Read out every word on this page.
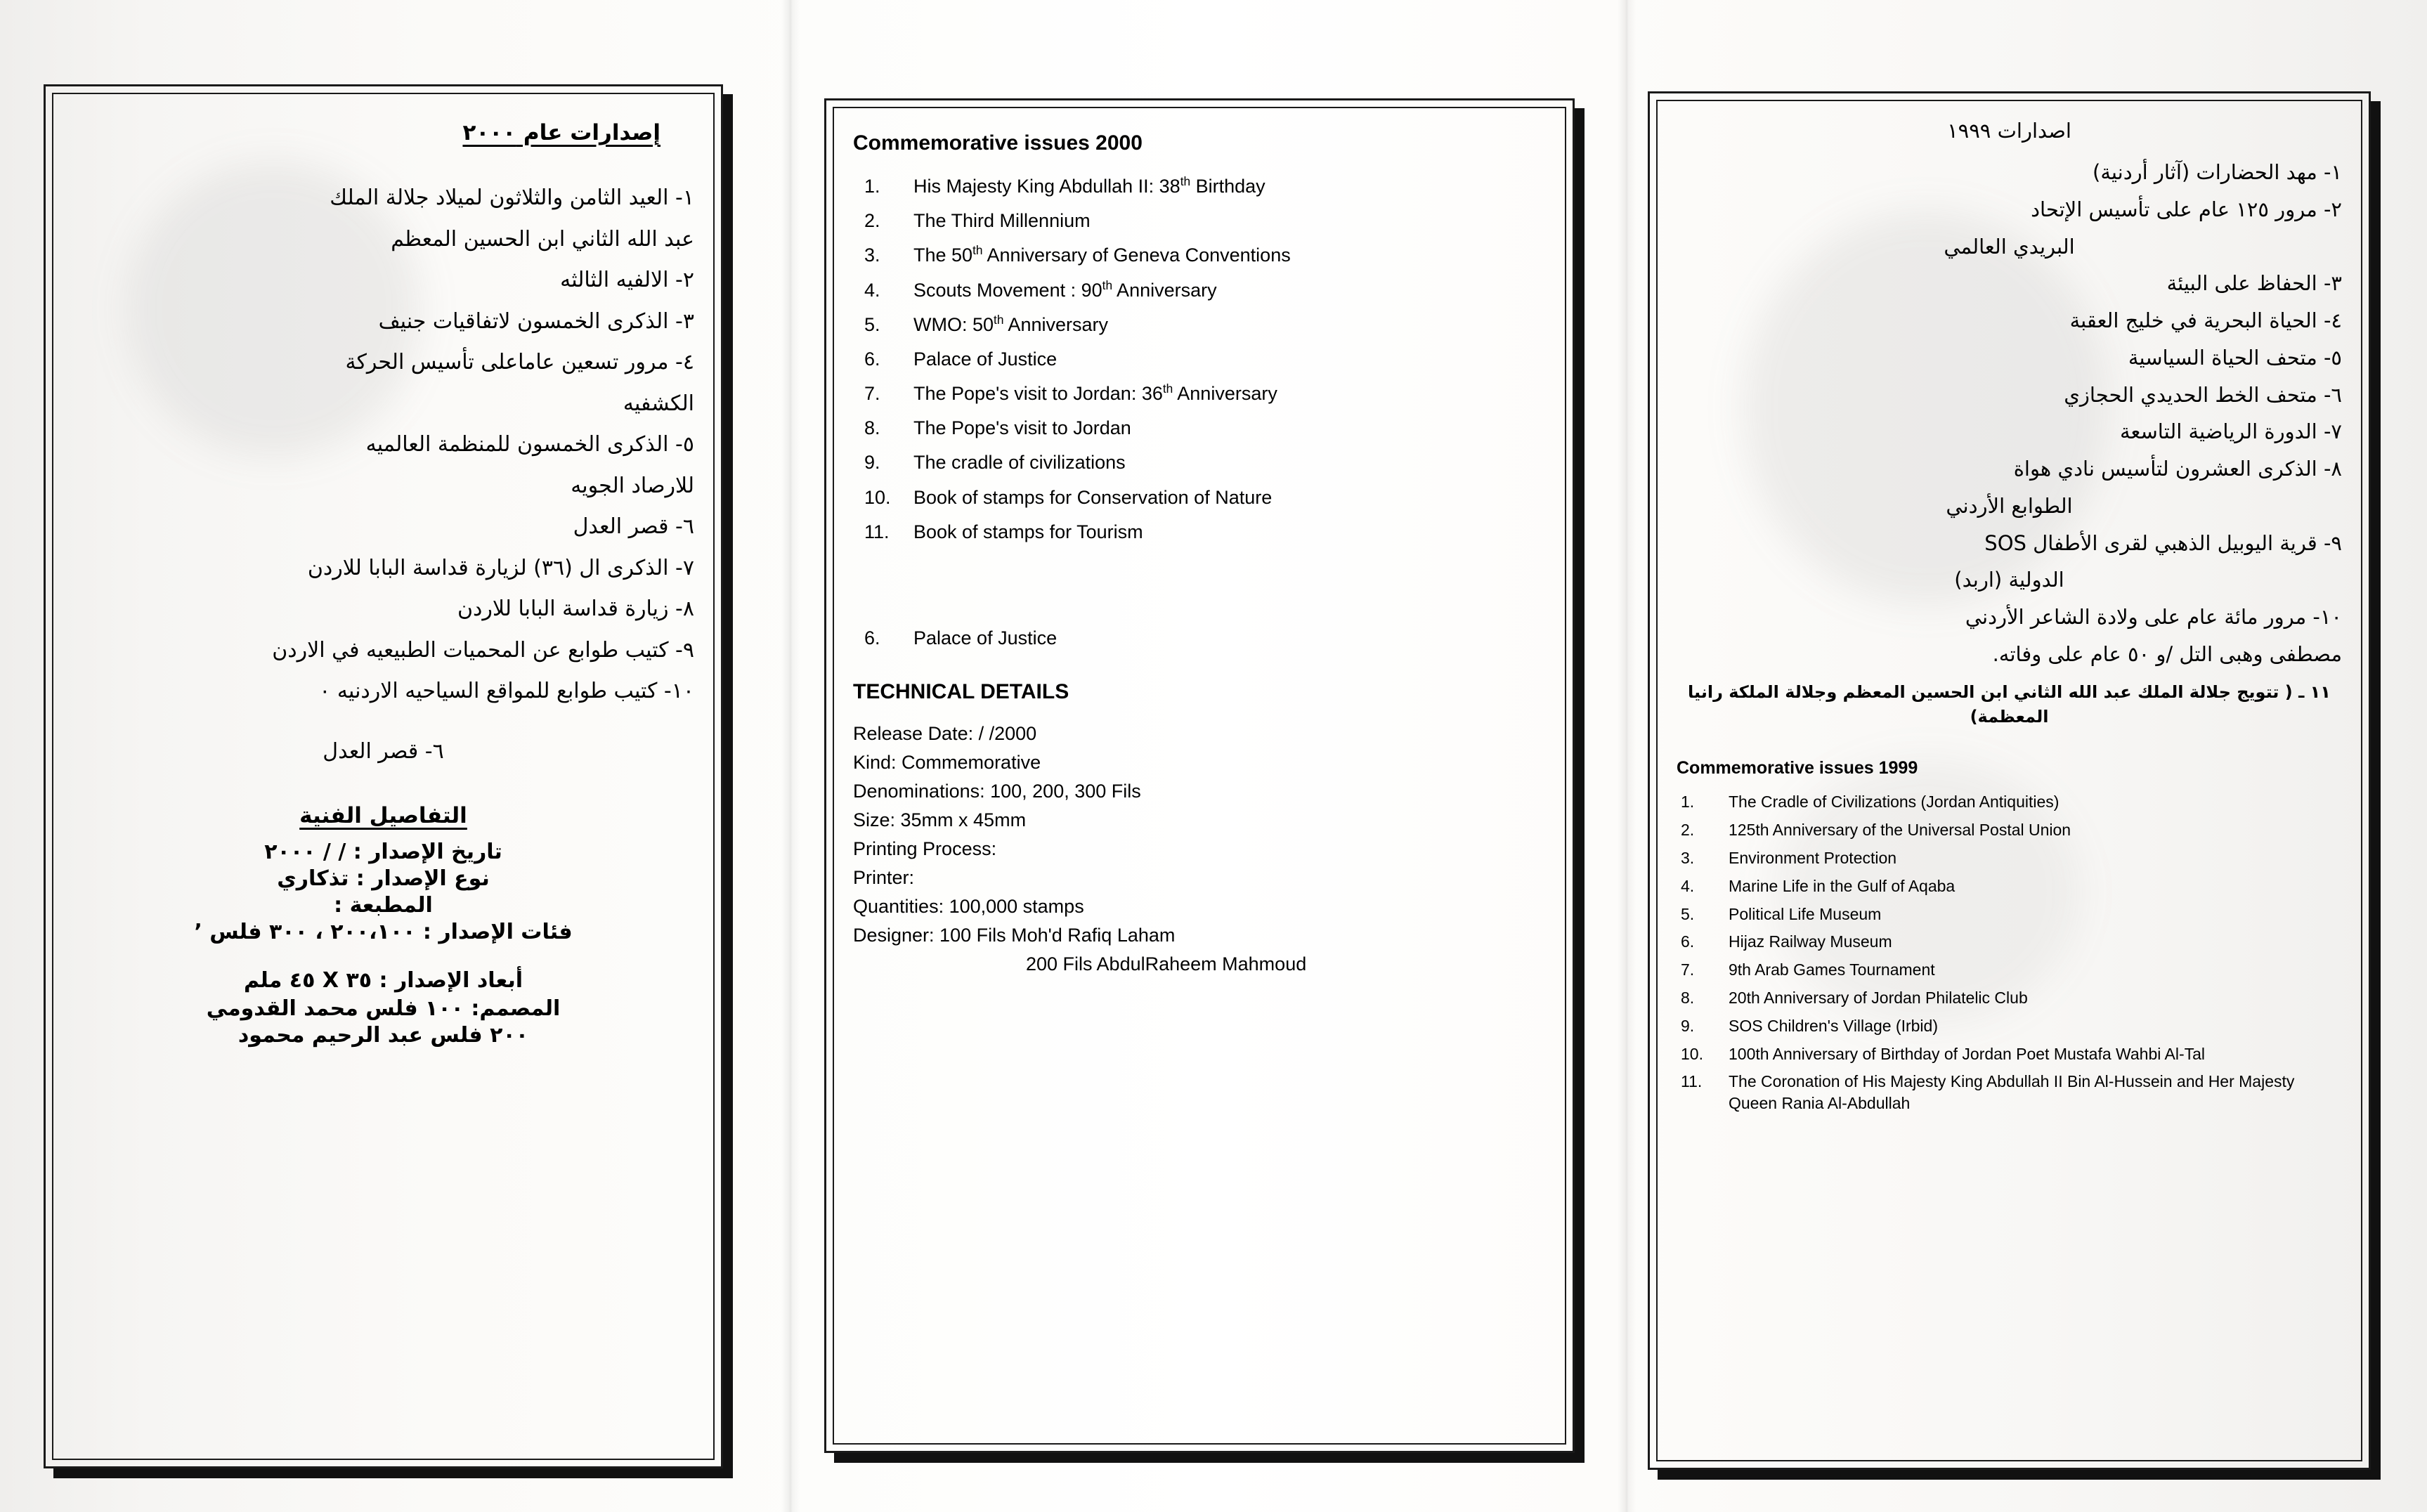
إصدارات عام ٢٠٠٠
١- العيد الثامن والثلاثون لميلاد جلالة الملك
عبد الله الثاني ابن الحسين المعظم
٢- الالفيه الثالثه
٣- الذكرى الخمسون لاتفاقيات جنيف
٤- مرور تسعين عاماعلى تأسيس الحركة
الكشفيه
٥- الذكرى الخمسون للمنظمة العالميه
للارصاد الجويه
٦- قصر العدل
٧- الذكرى ال (٣٦) لزيارة قداسة البابا للاردن
٨- زيارة قداسة البابا للاردن
٩- كتيب طوابع عن المحميات الطبيعيه في الاردن
١٠- كتيب طوابع للمواقع السياحيه الاردنيه ٠
٦- قصر العدل
التفاصيل الفنية

تاريخ الإصدار : / / ٢٠٠٠

نوع الإصدار : تذكاري

المطبعة :

فئات الإصدار : ٢٠٠،١٠٠ ، ٣٠٠ فلس ٬

أبعاد الإصدار : ٣٥ X ٤٥ ملم

المصمم: ١٠٠ فلس محمد القدومي

٢٠٠ فلس عبد الرحيم محمود

Commemorative issues 2000
His Majesty King Abdullah II: 38th Birthday
The Third Millennium
The 50th Anniversary of Geneva Conventions
Scouts Movement : 90th Anniversary
WMO: 50th Anniversary
Palace of Justice
The Pope's visit to Jordan: 36th Anniversary
The Pope's visit to Jordan
The cradle of civilizations
Book of stamps for Conservation of Nature
Book of stamps for Tourism
6. Palace of Justice
TECHNICAL DETAILS

Release Date: / /2000

Kind: Commemorative

Denominations: 100, 200, 300 Fils

Size: 35mm x 45mm

Printing Process:

Printer:

Quantities: 100,000 stamps

Designer: 100 Fils Moh'd Rafiq Laham

200 Fils AbdulRaheem Mahmoud

اصدارات ١٩٩٩
١- مهد الحضارات (آثار أردنية)
٢- مرور ١٢٥ عام على تأسيس الإتحاد
البريدي العالمي
٣- الحفاظ على البيئة
٤- الحياة البحرية في خليج العقبة
٥- متحف الحياة السياسية
٦- متحف الخط الحديدي الحجازي
٧- الدورة الرياضية التاسعة
٨- الذكرى العشرون لتأسيس نادي هواة
الطوابع الأردني
٩- قرية اليوبيل الذهبي لقرى الأطفال SOS
الدولية (اربد)
١٠- مرور مائة عام على ولادة الشاعر الأردني
مصطفى وهبى التل /و ٥٠ عام على وفاته.
١١ ـ ( تتويج جلالة الملك عبد الله الثاني ابن الحسين المعظم وجلالة الملكة رانيا المعظمة)
Commemorative issues 1999
The Cradle of Civilizations (Jordan Antiquities)
125th Anniversary of the Universal Postal Union
Environment Protection
Marine Life in the Gulf of Aqaba
Political Life Museum
Hijaz Railway Museum
9th Arab Games Tournament
20th Anniversary of Jordan Philatelic Club
SOS Children's Village (Irbid)
100th Anniversary of Birthday of Jordan Poet Mustafa Wahbi Al-Tal
The Coronation of His Majesty King Abdullah II Bin Al-Hussein and Her Majesty Queen Rania Al-Abdullah
